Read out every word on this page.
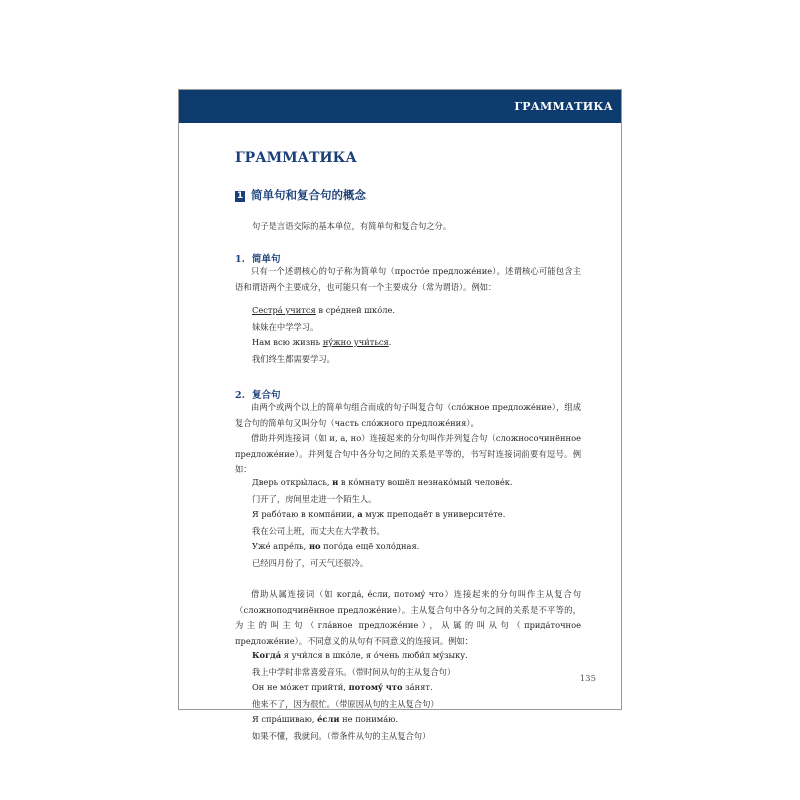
ГРАММАТИКА
ГРАММАТИКА
1 简单句和复合句的概念
句子是言语交际的基本单位，有简单句和复合句之分。
1. 简单句
只有一个述谓核心的句子称为简单句（простóе предложéние）。述谓核心可能包含主语和谓语两个主要成分，也可能只有一个主要成分（常为谓语）。例如：
Сестрá учится в срéдней шкóле.
妹妹在中学学习。
Нам всю жизнь нýжно учи́ться.
我们终生都需要学习。
2. 复合句
由两个或两个以上的简单句组合而成的句子叫复合句（слóжное предложéние），组成复合句的简单句又叫分句（часть слóжного предложéния）。
借助并列连接词（如 и, а, но）连接起来的分句叫作并列复合句（сложносочинённое предложéние）。并列复合句中各分句之间的关系是平等的，书写时连接词前要有逗号。例如：
Дверь откры́лась, и в кóмнату вошёл незнакóмый человéк.
门开了，房间里走进一个陌生人。
Я рабóтаю в компáнии, а муж преподаёт в университéте.
我在公司上班，而丈夫在大学教书。
Ужé апрéль, но погóда ещё холóдная.
已经四月份了，可天气还很冷。
借助从属连接词（如 когдá, éсли, потомý что）连接起来的分句叫作主从复合句（сложноподчинённое предложéние）。主从复合句中各分句之间的关系是不平等的，为主的叫主句（глáвное предложéние），从属的叫从句（придáточное предложéние）。不同意义的从句有不同意义的连接词。例如：
Когдá я учи́лся в шкóле, я óчень люби́л мýзыку.
我上中学时非常喜爱音乐。（带时间从句的主从复合句）
Он не мóжет прийти́, потомý что зáнят.
他来不了，因为很忙。（带原因从句的主从复合句）
Я спрáшиваю, éсли не понимáю.
如果不懂，我就问。（带条件从句的主从复合句）
135
